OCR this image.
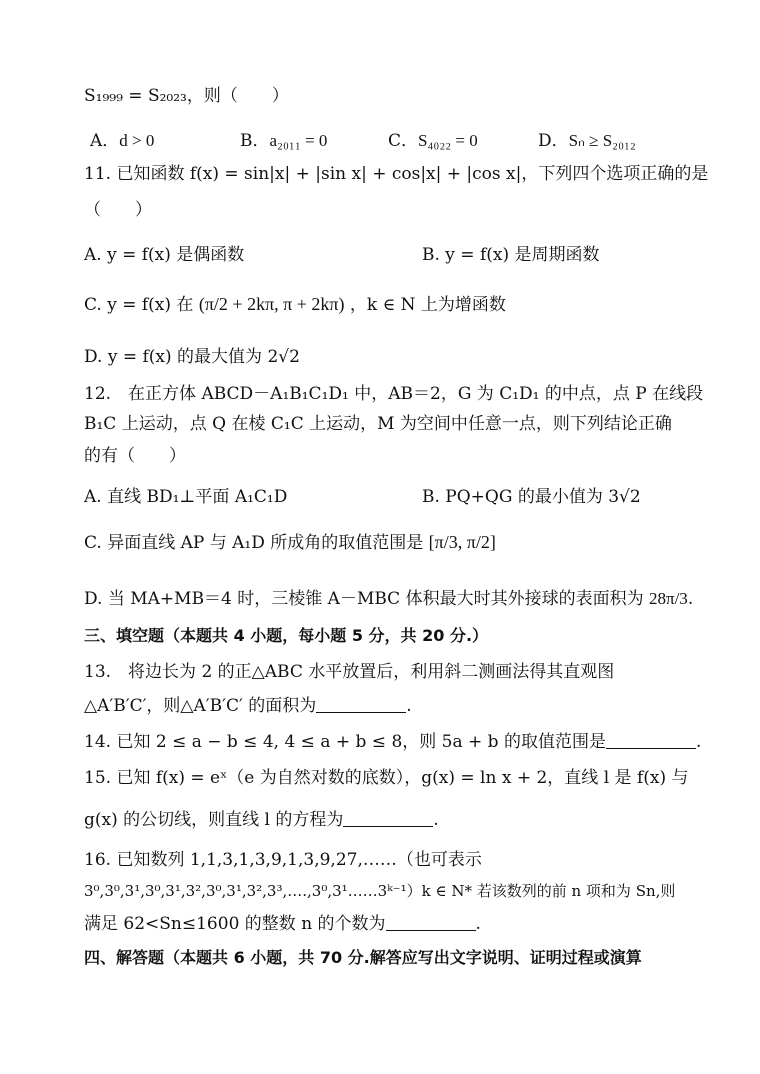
S₁₉₉₉ = S₂₀₂₃，则（　　）
A．d > 0	B．a₂₀₁₁ = 0	C．S₄₀₂₂ = 0	D．Sₙ ≥ S₂₀₁₂
11. 已知函数 f(x) = sin|x| + |sin x| + cos|x| + |cos x|，下列四个选项正确的是
（　　）
A. y = f(x) 是偶函数	B. y = f(x) 是周期函数
C. y = f(x) 在 (π/2 + 2kπ, π + 2kπ) ，k ∈ N 上为增函数
D. y = f(x) 的最大值为 2√2
12.　在正方体 ABCD－A₁B₁C₁D₁ 中，AB＝2，G 为 C₁D₁ 的中点，点 P 在线段
B₁C 上运动，点 Q 在棱 C₁C 上运动，M 为空间中任意一点，则下列结论正确
的有（　　）
A. 直线 BD₁⊥平面 A₁C₁D	B. PQ+QG 的最小值为 3√2
C. 异面直线 AP 与 A₁D 所成角的取值范围是 [π/3, π/2]
D. 当 MA+MB＝4 时，三棱锥 A－MBC 体积最大时其外接球的表面积为 28π/3.
三、填空题（本题共 4 小题，每小题 5 分，共 20 分.）
13.　将边长为 2 的正△ABC 水平放置后，利用斜二测画法得其直观图
△A′B′C′，则△A′B′C′ 的面积为	.
14. 已知 2 ≤ a − b ≤ 4, 4 ≤ a + b ≤ 8，则 5a + b 的取值范围是	.
15. 已知 f(x) = eˣ（e 为自然对数的底数），g(x) = ln x + 2，直线 l 是 f(x) 与
g(x) 的公切线，则直线 l 的方程为	.
16. 已知数列 1,1,3,1,3,9,1,3,9,27,……（也可表示
3⁰,3⁰,3¹,3⁰,3¹,3²,3⁰,3¹,3²,3³,….,3⁰,3¹……3ᵏ⁻¹）k ∈ N* 若该数列的前 n 项和为 Sn,则
满足 62<Sn≤1600 的整数 n 的个数为	.
四、解答题（本题共 6 小题，共 70 分.解答应写出文字说明、证明过程或演算
